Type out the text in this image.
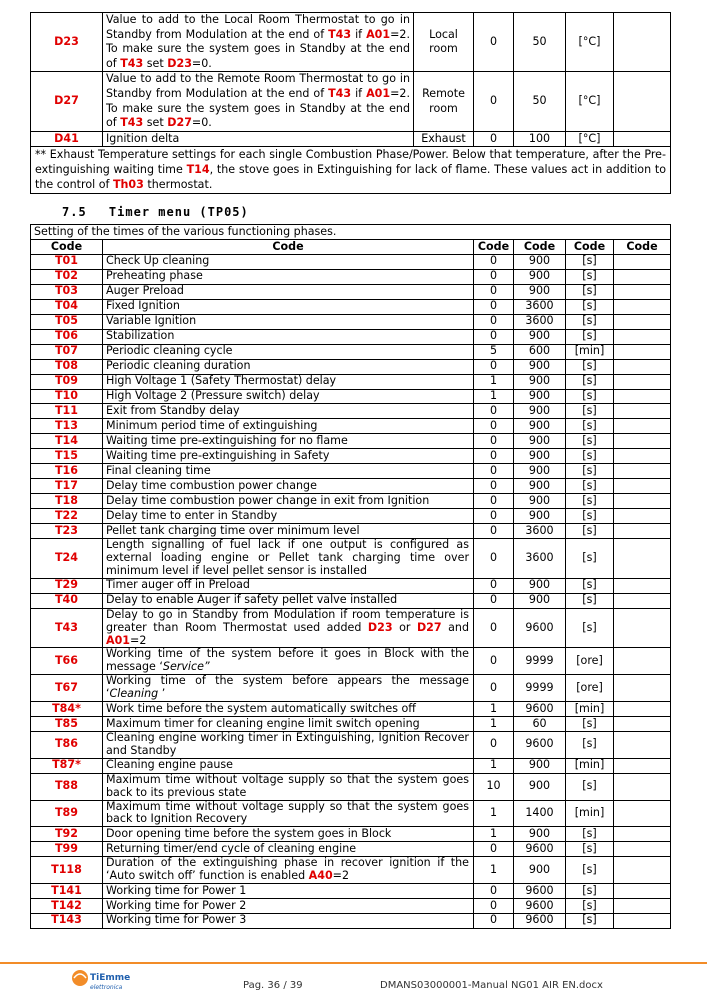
D23	Value to add to the Local Room Thermostat to go in Standby from Modulation at the end of T43 if A01=2. To make sure the system goes in Standby at the end of T43 set D23=0.	Local room	0	50	[°C]	
D27	Value to add to the Remote Room Thermostat to go in Standby from Modulation at the end of T43 if A01=2. To make sure the system goes in Standby at the end of T43 set D27=0.	Remote room	0	50	[°C]	
D41	Ignition delta	Exhaust	0	100	[°C]	
** Exhaust Temperature settings for each single Combustion Phase/Power. Below that temperature, after the Pre-extinguishing waiting time T14, the stove goes in Extinguishing for lack of flame. These values act in addition to the control of Th03 thermostat.						
7.5 Timer menu (TP05)
Setting of the times of the various functioning phases.					
Code	Code	Code	Code	Code	Code
T01	Check Up cleaning	0	900	[s]	
T02	Preheating phase	0	900	[s]	
T03	Auger Preload	0	900	[s]	
T04	Fixed Ignition	0	3600	[s]	
T05	Variable Ignition	0	3600	[s]	
T06	Stabilization	0	900	[s]	
T07	Periodic cleaning cycle	5	600	[min]	
T08	Periodic cleaning duration	0	900	[s]	
T09	High Voltage 1 (Safety Thermostat) delay	1	900	[s]	
T10	High Voltage 2 (Pressure switch) delay	1	900	[s]	
T11	Exit from Standby delay	0	900	[s]	
T13	Minimum period time of extinguishing	0	900	[s]	
T14	Waiting time pre-extinguishing for no flame	0	900	[s]	
T15	Waiting time pre-extinguishing in Safety	0	900	[s]	
T16	Final cleaning time	0	900	[s]	
T17	Delay time combustion power change	0	900	[s]	
T18	Delay time combustion power change in exit from Ignition	0	900	[s]	
T22	Delay time to enter in Standby	0	900	[s]	
T23	Pellet tank charging time over minimum level	0	3600	[s]	
T24	Length signalling of fuel lack if one output is configured as external loading engine or Pellet tank charging time over minimum level if level pellet sensor is installed	0	3600	[s]	
T29	Timer auger off in Preload	0	900	[s]	
T40	Delay to enable Auger if safety pellet valve installed	0	900	[s]	
T43	Delay to go in Standby from Modulation if room temperature is greater than Room Thermostat used added D23 or D27 and A01=2	0	9600	[s]	
T66	Working time of the system before it goes in Block with the message ‘Service”	0	9999	[ore]	
T67	Working time of the system before appears the message ‘Cleaning ’	0	9999	[ore]	
T84*	Work time before the system automatically switches off	1	9600	[min]	
T85	Maximum timer for cleaning engine limit switch opening	1	60	[s]	
T86	Cleaning engine working timer in Extinguishing, Ignition Recover and Standby	0	9600	[s]	
T87*	Cleaning engine pause	1	900	[min]	
T88	Maximum time without voltage supply so that the system goes back to its previous state	10	900	[s]	
T89	Maximum time without voltage supply so that the system goes back to Ignition Recovery	1	1400	[min]	
T92	Door opening time before the system goes in Block	1	900	[s]	
T99	Returning timer/end cycle of cleaning engine	0	9600	[s]	
T118	Duration of the extinguishing phase in recover ignition if the ‘Auto switch off’ function is enabled A40=2	1	900	[s]	
T141	Working time for Power 1	0	9600	[s]	
T142	Working time for Power 2	0	9600	[s]	
T143	Working time for Power 3	0	9600	[s]	
TiEmme
elettronica	Pag. 36 / 39	DMANS03000001-Manual NG01 AIR EN.docx
